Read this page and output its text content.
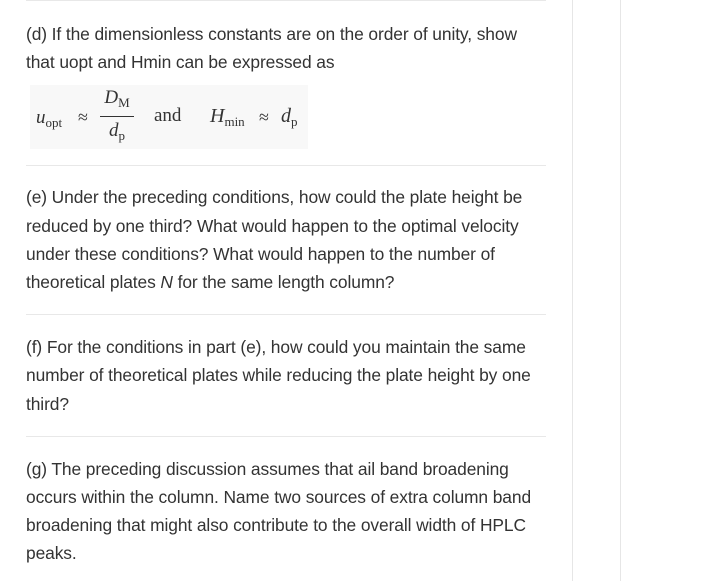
(d) If the dimensionless constants are on the order of unity, show that uopt and Hmin can be expressed as

$u_{opt}$ ≈
$D_M$
$d_p$
and $H_{min} \approx d_p$

(e) Under the preceding conditions, how could the plate height be reduced by one third? What would happen to the optimal velocity under these conditions? What would happen to the number of theoretical plates N for the same length column?

(f) For the conditions in part (e), how could you maintain the same number of theoretical plates while reducing the plate height by one third?

(g) The preceding discussion assumes that ail band broadening occurs within the column. Name two sources of extra column band broadening that might also contribute to the overall width of HPLC peaks.
